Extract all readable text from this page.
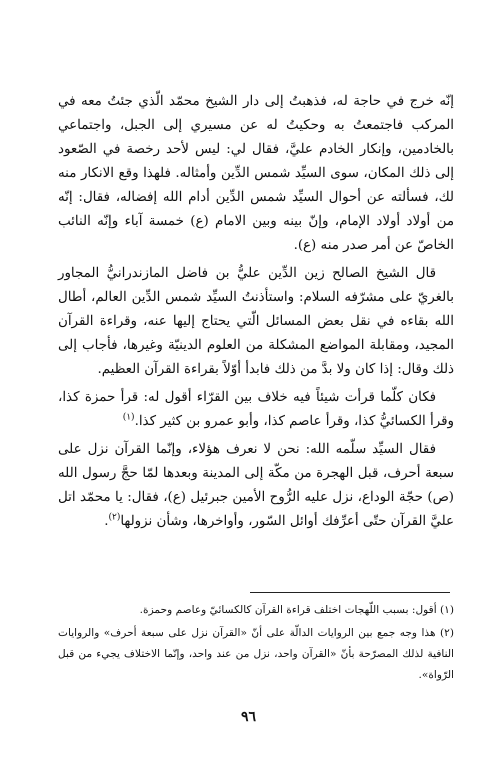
إنّه خرج في حاجة له، فذهبتُ إلى دار الشيخ محمّد الّذي جئتُ معه في المركب فاجتمعتُ به وحكيتُ له عن مسيري إلى الجبل، واجتماعي بالخادمين، وإنكار الخادم عليَّ، فقال لي: ليس لأحد رخصة في الصّعود إلى ذلك المكان، سوى السيِّد شمس الدِّين وأمثاله. فلهذا وقع الانكار منه لك، فسألته عن أحوال السيِّد شمس الدِّين أدام الله إفضاله، فقال: إنّه من أولاد أولاد الإمام، وإنّ بينه وبين الامام (ع) خمسة آباء وإنّه النائب الخاصّ عن أمر صدر منه (ع).

قال الشيخ الصالح زين الدِّين عليُّ بن فاضل المازندرانيُّ المجاور بالغريّ على مشرّفه السلام: واستأذنتُ السيِّد شمس الدِّين العالم، أطال الله بقاءه في نقل بعض المسائل الّتي يحتاج إليها عنه، وقراءة القرآن المجيد، ومقابلة المواضع المشكلة من العلوم الدينيّة وغيرها، فأجاب إلى ذلك وقال: إذا كان ولا بدَّ من ذلك فابدأ أوّلاً بقراءة القرآن العظيم.

فكان كلّما قرأت شيئاً فيه خلاف بين القرّاء أقول له: قرأ حمزة كذا، وقرأ الكسائيُّ كذا، وقرأ عاصم كذا، وأبو عمرو بن كثير كذا.$^{(١)}$

فقال السيِّد سلّمه الله: نحن لا نعرف هؤلاء، وإنّما القرآن نزل على سبعة أحرف، قبل الهجرة من مكّة إلى المدينة وبعدها لمّا حجَّ رسول الله (ص) حجّة الوداع، نزل عليه الرُّوح الأمين جبرئيل (ع)، فقال: يا محمّد اتل عليَّ القرآن حتّى أعرِّفك أوائل السّور، وأواخرها، وشأن نزولها$^{(٢)}$.

(١) أقول: بسبب اللّهجات اختلف قراءة القرآن كالكسائيّ وعاصم وحمزة.

(٢) هذا وجه جمع بين الروايات الدالّة على أنّ «القرآن نزل على سبعة أحرف» والروايات النافية لذلك المصرّحة بأنّ «القرآن واحد، نزل من عند واحد، وإنّما الاختلاف يجيء من قبل الرّواة».

٩٦
